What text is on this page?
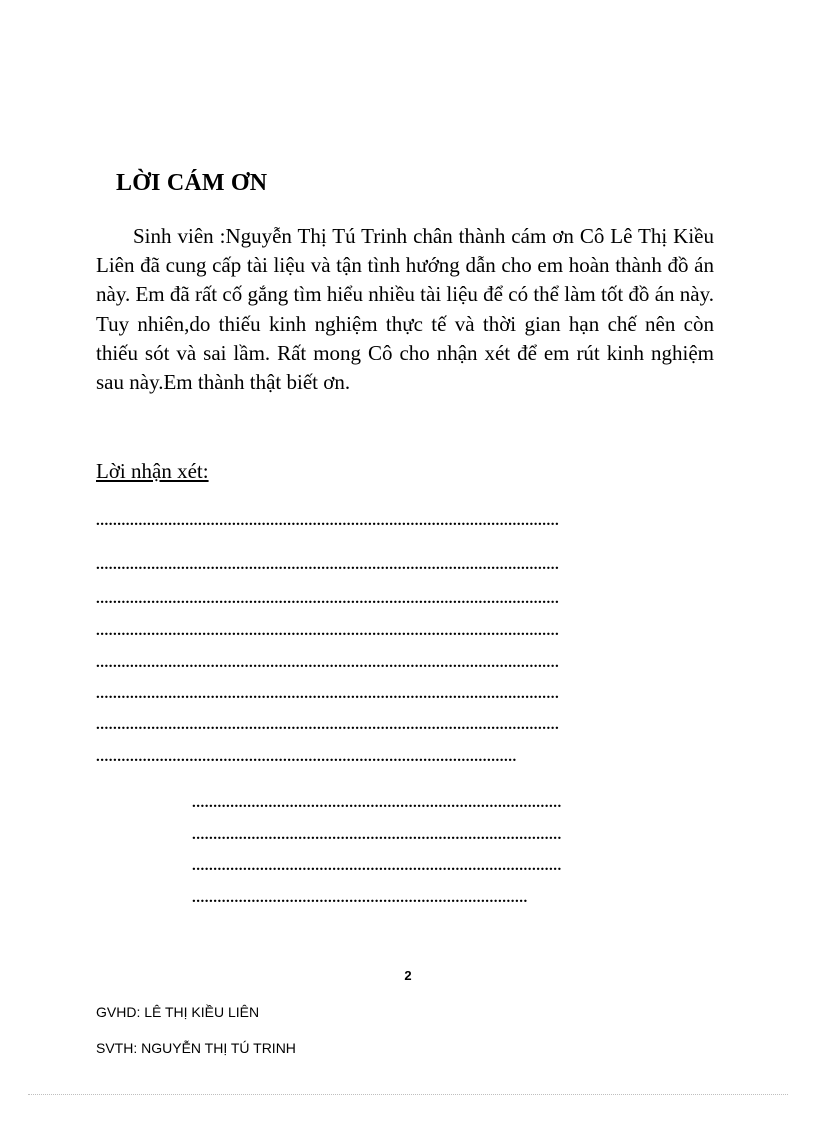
LỜI CÁM ƠN

Sinh viên :Nguyễn Thị Tú Trinh chân thành cám ơn Cô Lê Thị Kiều Liên đã cung cấp tài liệu và tận tình hướng dẫn cho em hoàn thành đồ án này. Em đã rất cố gắng tìm hiểu nhiều tài liệu để có thể làm tốt đồ án này. Tuy nhiên,do thiếu kinh nghiệm thực tế và thời gian hạn chế nên còn thiếu sót và sai lầm. Rất mong Cô cho nhận xét để em rút kinh nghiệm sau này.Em thành thật biết ơn.

Lời nhận xét:
.............................................................................................................
.............................................................................................................
.............................................................................................................
.............................................................................................................
.............................................................................................................
.............................................................................................................
.............................................................................................................
...................................................................................................
.......................................................................................
.......................................................................................
.......................................................................................
...............................................................................
2
GVHD: LÊ THỊ KIỀU LIÊN
SVTH: NGUYỄN THỊ TÚ TRINH
